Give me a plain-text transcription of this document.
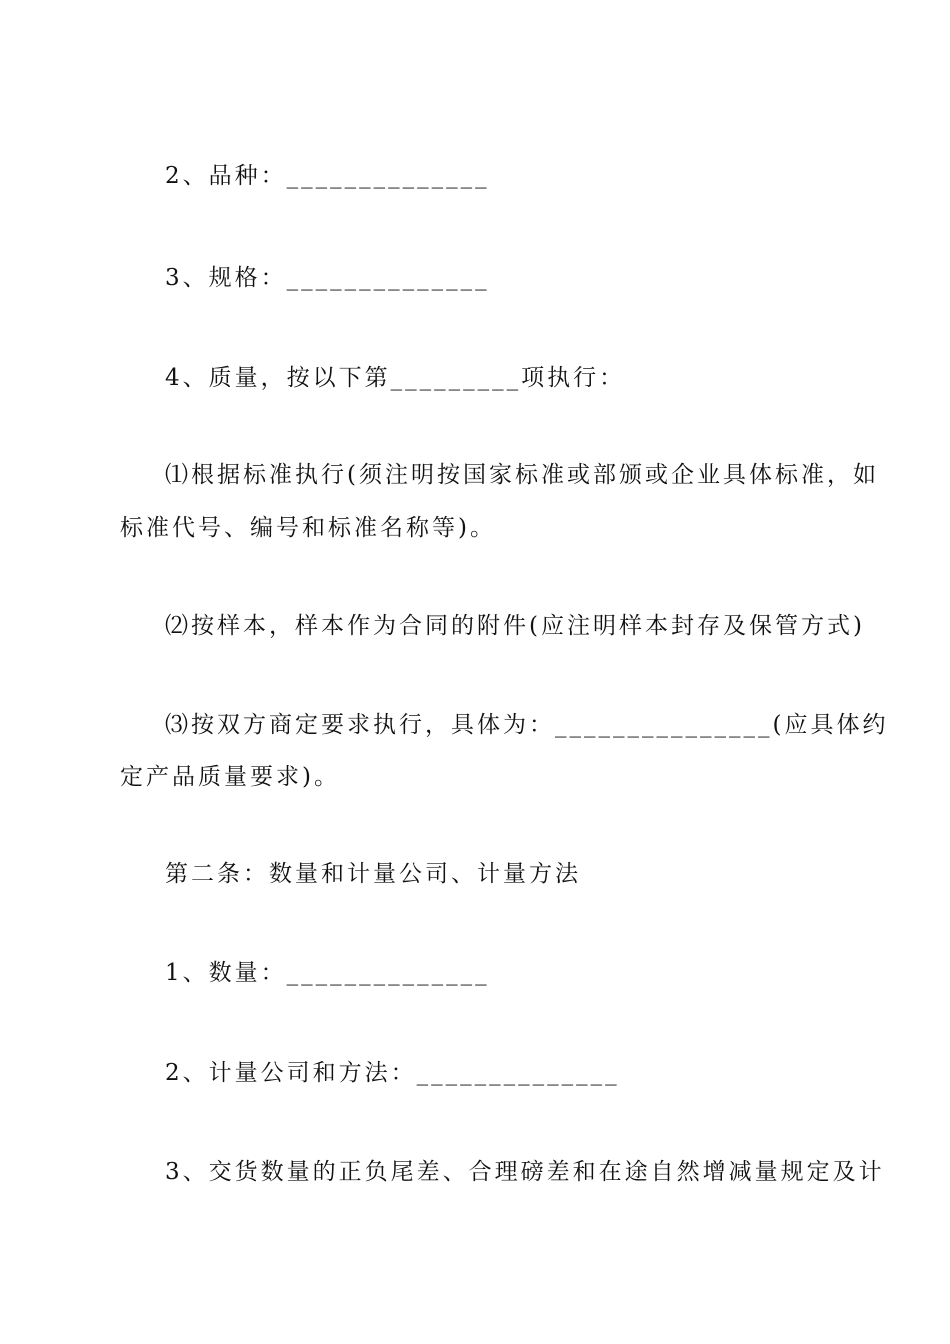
2、品种：______________
3、规格：______________
4、质量，按以下第_________项执行：
⑴根据标准执行(须注明按国家标准或部颁或企业具体标准，如
标准代号、编号和标准名称等)。
⑵按样本，样本作为合同的附件(应注明样本封存及保管方式)
⑶按双方商定要求执行，具体为：_______________(应具体约
定产品质量要求)。
第二条：数量和计量公司、计量方法
1、数量：______________
2、计量公司和方法：______________
3、交货数量的正负尾差、合理磅差和在途自然增减量规定及计
